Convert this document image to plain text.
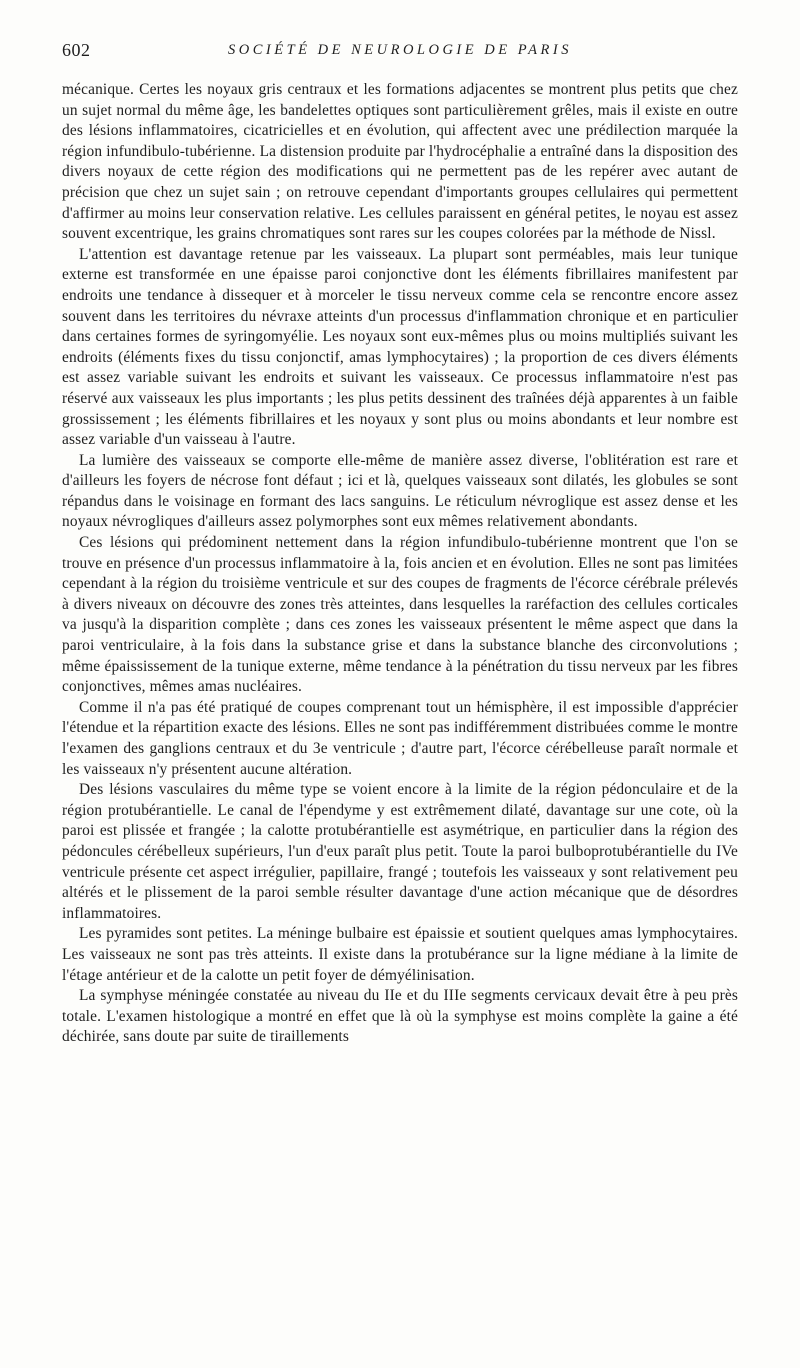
602	SOCIÉTÉ DE NEUROLOGIE DE PARIS

mécanique. Certes les noyaux gris centraux et les formations adjacentes se montrent plus petits que chez un sujet normal du même âge, les bandelettes optiques sont particulièrement grêles, mais il existe en outre des lésions inflammatoires, cicatricielles et en évolution, qui affectent avec une prédilection marquée la région infundibulo-tubérienne. La distension produite par l'hydrocéphalie a entraîné dans la disposition des divers noyaux de cette région des modifications qui ne permettent pas de les repérer avec autant de précision que chez un sujet sain ; on retrouve cependant d'importants groupes cellulaires qui permettent d'affirmer au moins leur conservation relative. Les cellules paraissent en général petites, le noyau est assez souvent excentrique, les grains chromatiques sont rares sur les coupes colorées par la méthode de Nissl.

L'attention est davantage retenue par les vaisseaux. La plupart sont perméables, mais leur tunique externe est transformée en une épaisse paroi conjonctive dont les éléments fibrillaires manifestent par endroits une tendance à dissequer et à morceler le tissu nerveux comme cela se rencontre encore assez souvent dans les territoires du névraxe atteints d'un processus d'inflammation chronique et en particulier dans certaines formes de syringomyélie. Les noyaux sont eux-mêmes plus ou moins multipliés suivant les endroits (éléments fixes du tissu conjonctif, amas lymphocytaires) ; la proportion de ces divers éléments est assez variable suivant les endroits et suivant les vaisseaux. Ce processus inflammatoire n'est pas réservé aux vaisseaux les plus importants ; les plus petits dessinent des traînées déjà apparentes à un faible grossissement ; les éléments fibrillaires et les noyaux y sont plus ou moins abondants et leur nombre est assez variable d'un vaisseau à l'autre.

La lumière des vaisseaux se comporte elle-même de manière assez diverse, l'oblitération est rare et d'ailleurs les foyers de nécrose font défaut ; ici et là, quelques vaisseaux sont dilatés, les globules se sont répandus dans le voisinage en formant des lacs sanguins. Le réticulum névroglique est assez dense et les noyaux névrogliques d'ailleurs assez polymorphes sont eux mêmes relativement abondants.

Ces lésions qui prédominent nettement dans la région infundibulo-tubérienne montrent que l'on se trouve en présence d'un processus inflammatoire à la, fois ancien et en évolution. Elles ne sont pas limitées cependant à la région du troisième ventricule et sur des coupes de fragments de l'écorce cérébrale prélevés à divers niveaux on découvre des zones très atteintes, dans lesquelles la raréfaction des cellules corticales va jusqu'à la disparition complète ; dans ces zones les vaisseaux présentent le même aspect que dans la paroi ventriculaire, à la fois dans la substance grise et dans la substance blanche des circonvolutions ; même épaississement de la tunique externe, même tendance à la pénétration du tissu nerveux par les fibres conjonctives, mêmes amas nucléaires.

Comme il n'a pas été pratiqué de coupes comprenant tout un hémisphère, il est impossible d'apprécier l'étendue et la répartition exacte des lésions. Elles ne sont pas indifféremment distribuées comme le montre l'examen des ganglions centraux et du 3e ventricule ; d'autre part, l'écorce cérébelleuse paraît normale et les vaisseaux n'y présentent aucune altération.

Des lésions vasculaires du même type se voient encore à la limite de la région pédonculaire et de la région protubérantielle. Le canal de l'épendyme y est extrêmement dilaté, davantage sur une cote, où la paroi est plissée et frangée ; la calotte protubérantielle est asymétrique, en particulier dans la région des pédoncules cérébelleux supérieurs, l'un d'eux paraît plus petit. Toute la paroi bulboprotubérantielle du IVe ventricule présente cet aspect irrégulier, papillaire, frangé ; toutefois les vaisseaux y sont relativement peu altérés et le plissement de la paroi semble résulter davantage d'une action mécanique que de désordres inflammatoires.

Les pyramides sont petites. La méninge bulbaire est épaissie et soutient quelques amas lymphocytaires. Les vaisseaux ne sont pas très atteints. Il existe dans la protubérance sur la ligne médiane à la limite de l'étage antérieur et de la calotte un petit foyer de démyélinisation.

La symphyse méningée constatée au niveau du IIe et du IIIe segments cervicaux devait être à peu près totale. L'examen histologique a montré en effet que là où la symphyse est moins complète la gaine a été déchirée, sans doute par suite de tiraillements
